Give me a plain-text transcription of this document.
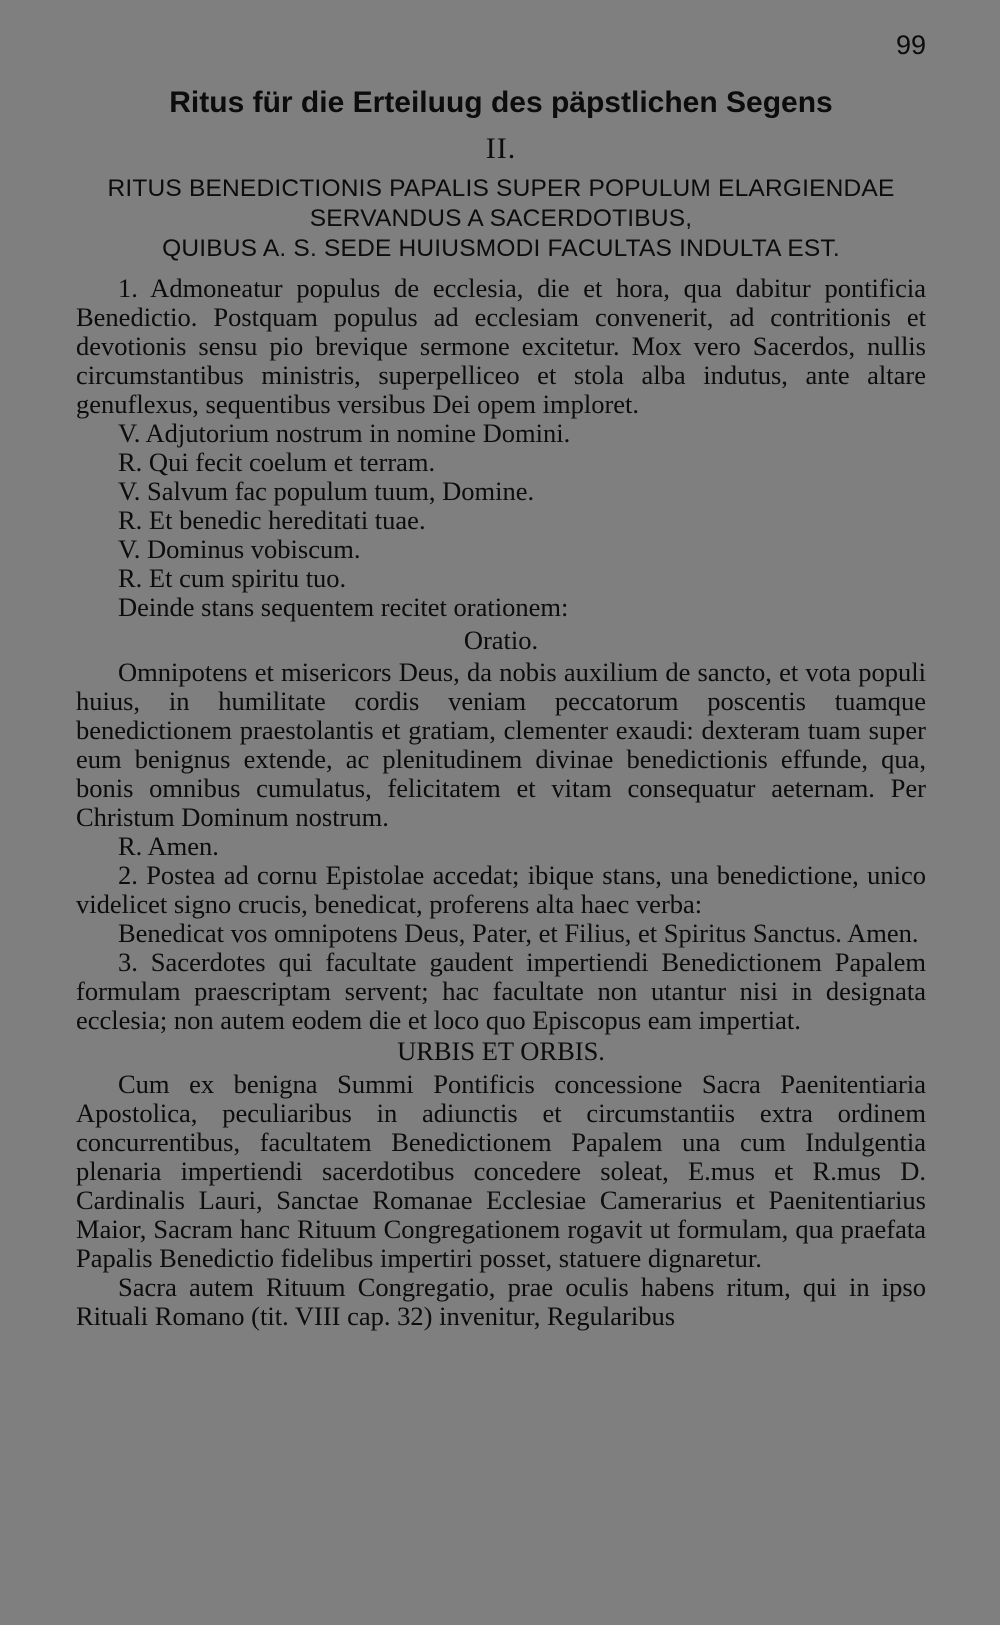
99
Ritus für die Erteiluug des päpstlichen Segens
II.
RITUS BENEDICTIONIS PAPALIS SUPER POPULUM ELARGIENDAE
SERVANDUS A SACERDOTIBUS,
QUIBUS A. S. SEDE HUIUSMODI FACULTAS INDULTA EST.

1. Admoneatur populus de ecclesia, die et hora, qua dabitur pontificia Benedictio. Postquam populus ad ecclesiam convenerit, ad contritionis et devotionis sensu pio brevique sermone excitetur. Mox vero Sacerdos, nullis circumstantibus ministris, superpelliceo et stola alba indutus, ante altare genuflexus, sequentibus versibus Dei opem imploret.

V. Adjutorium nostrum in nomine Domini.

R. Qui fecit coelum et terram.

V. Salvum fac populum tuum, Domine.

R. Et benedic hereditati tuae.

V. Dominus vobiscum.

R. Et cum spiritu tuo.

Deinde stans sequentem recitet orationem:

Oratio.

Omnipotens et misericors Deus, da nobis auxilium de sancto, et vota populi huius, in humilitate cordis veniam peccatorum poscentis tuamque benedictionem praestolantis et gratiam, clementer exaudi: dexteram tuam super eum benignus extende, ac plenitudinem divinae benedictionis effunde, qua, bonis omnibus cumulatus, felicitatem et vitam consequatur aeternam. Per Christum Dominum nostrum.

R. Amen.

2. Postea ad cornu Epistolae accedat; ibique stans, una benedictione, unico videlicet signo crucis, benedicat, proferens alta haec verba:

Benedicat vos omnipotens Deus, Pater, et Filius, et Spiritus Sanctus. Amen.

3. Sacerdotes qui facultate gaudent impertiendi Benedictionem Papalem formulam praescriptam servent; hac facultate non utantur nisi in designata ecclesia; non autem eodem die et loco quo Episcopus eam impertiat.

URBIS ET ORBIS.

Cum ex benigna Summi Pontificis concessione Sacra Paenitentiaria Apostolica, peculiaribus in adiunctis et circumstantiis extra ordinem concurrentibus, facultatem Benedictionem Papalem una cum Indulgentia plenaria impertiendi sacerdotibus concedere soleat, E.mus et R.mus D. Cardinalis Lauri, Sanctae Romanae Ecclesiae Camerarius et Paenitentiarius Maior, Sacram hanc Rituum Congregationem rogavit ut formulam, qua praefata Papalis Benedictio fidelibus impertiri posset, statuere dignaretur.

Sacra autem Rituum Congregatio, prae oculis habens ritum, qui in ipso Rituali Romano (tit. VIII cap. 32) invenitur, Regularibus
